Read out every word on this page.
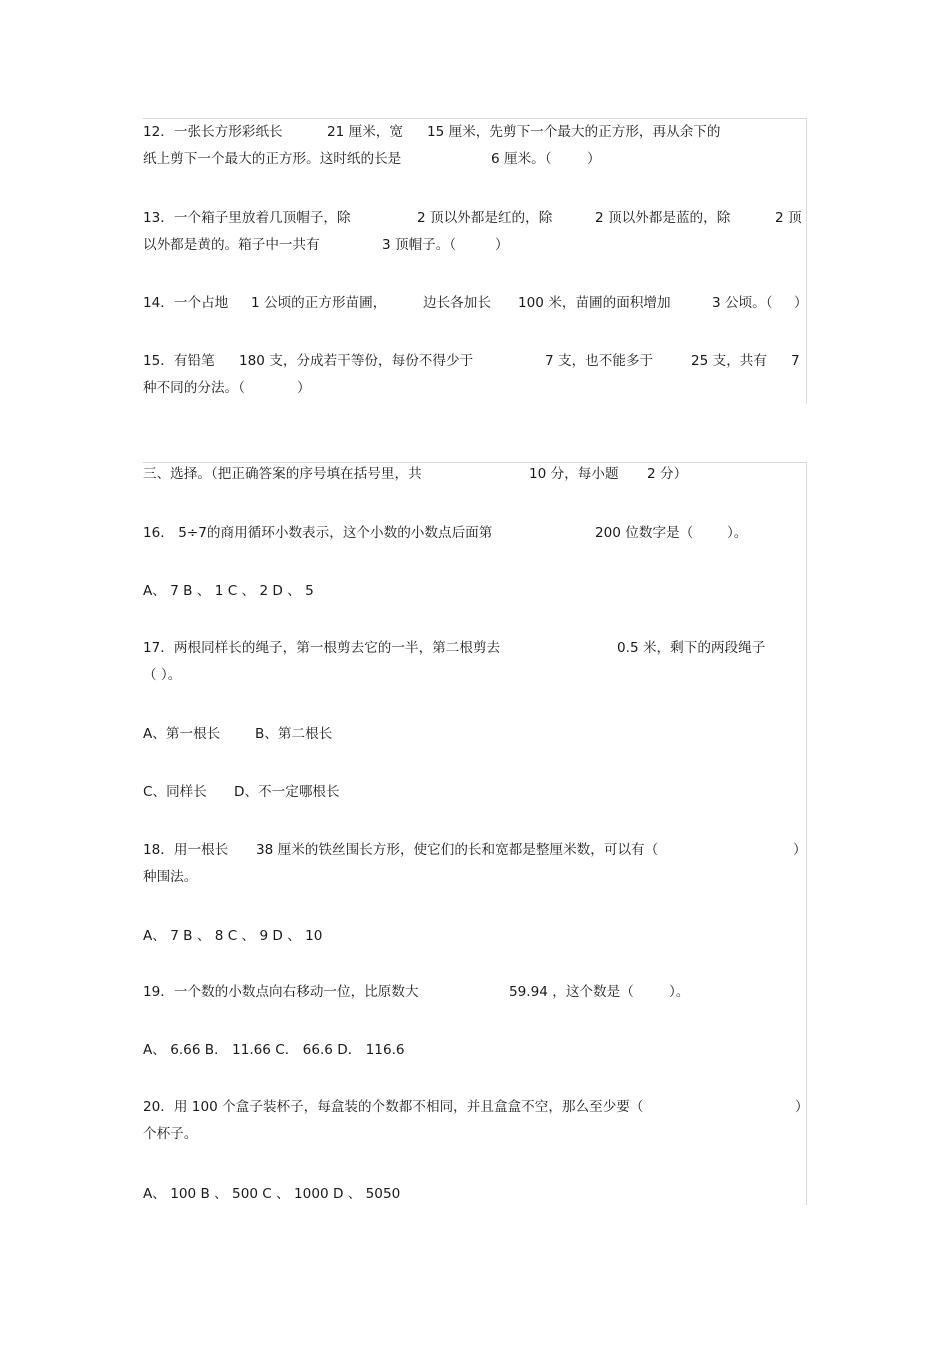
12．一张长方形彩纸长	21 厘米，宽 15 厘米，先剪下一个最大的正方形，再从余下的
纸上剪下一个最大的正方形。这时纸的长是	6 厘米。（	）
13．一个箱子里放着几顶帽子，除	2 顶以外都是红的，除	2 顶以外都是蓝的，除	2 顶
以外都是黄的。箱子中一共有	3 顶帽子。（	）
14．一个占地 1 公顷的正方形苗圃，	边长各加长 100 米，苗圃的面积增加	3 公顷。（ ）
15．有铅笔 180 支，分成若干等份，每份不得少于	7 支，也不能多于	25 支，共有 7
种不同的分法。（	）
三、选择。（把正确答案的序号填在括号里，共	10 分，每小题 2 分）
16． 5÷7的商用循环小数表示，这个小数的小数点后面第	200 位数字是（ ）。
A、 7 B 、 1 C 、 2 D 、 5
17．两根同样长的绳子，第一根剪去它的一半，第二根剪去	0.5 米，剩下的两段绳子
（ ）。
A、第一根长	B、第二根长
C、同样长 D、不一定哪根长
18．用一根长 38 厘米的铁丝围长方形，使它们的长和宽都是整厘米数，可以有（	）
种围法。
A、 7 B 、 8 C 、 9 D 、 10
19．一个数的小数点向右移动一位，比原数大	59.94 ，这个数是（	）。
A、 6.66 B． 11.66 C． 66.6 D． 116.6
20．用 100 个盒子装杯子，每盒装的个数都不相同，并且盒盒不空，那么至少要（	）
个杯子。
A、 100 B 、 500 C 、 1000 D 、 5050
